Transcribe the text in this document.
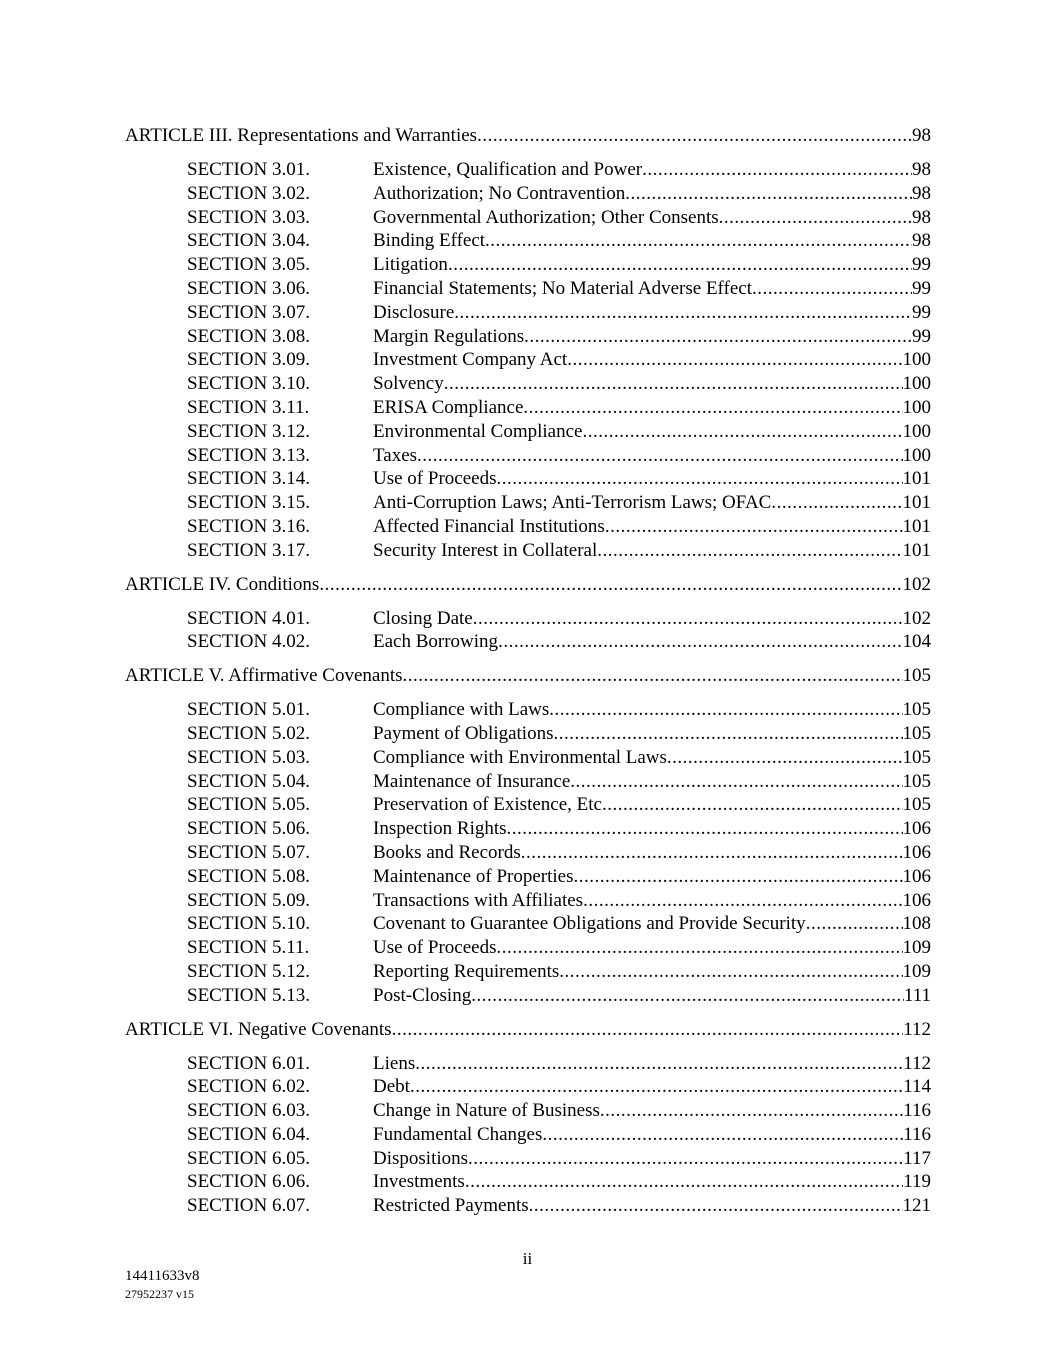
ARTICLE III. Representations and Warranties .....	98
SECTION 3.01.	Existence, Qualification and Power .....	98
SECTION 3.02.	Authorization; No Contravention .....	98
SECTION 3.03.	Governmental Authorization; Other Consents .....	98
SECTION 3.04.	Binding Effect .....	98
SECTION 3.05.	Litigation .....	99
SECTION 3.06.	Financial Statements; No Material Adverse Effect .....	99
SECTION 3.07.	Disclosure .....	99
SECTION 3.08.	Margin Regulations .....	99
SECTION 3.09.	Investment Company Act .....	100
SECTION 3.10.	Solvency .....	100
SECTION 3.11.	ERISA Compliance .....	100
SECTION 3.12.	Environmental Compliance .....	100
SECTION 3.13.	Taxes .....	100
SECTION 3.14.	Use of Proceeds .....	101
SECTION 3.15.	Anti-Corruption Laws; Anti-Terrorism Laws; OFAC .....	101
SECTION 3.16.	Affected Financial Institutions .....	101
SECTION 3.17.	Security Interest in Collateral .....	101
ARTICLE IV. Conditions .....	102
SECTION 4.01.	Closing Date .....	102
SECTION 4.02.	Each Borrowing .....	104
ARTICLE V. Affirmative Covenants .....	105
SECTION 5.01.	Compliance with Laws .....	105
SECTION 5.02.	Payment of Obligations .....	105
SECTION 5.03.	Compliance with Environmental Laws .....	105
SECTION 5.04.	Maintenance of Insurance .....	105
SECTION 5.05.	Preservation of Existence, Etc .....	105
SECTION 5.06.	Inspection Rights .....	106
SECTION 5.07.	Books and Records .....	106
SECTION 5.08.	Maintenance of Properties .....	106
SECTION 5.09.	Transactions with Affiliates .....	106
SECTION 5.10.	Covenant to Guarantee Obligations and Provide Security .....	108
SECTION 5.11.	Use of Proceeds .....	109
SECTION 5.12.	Reporting Requirements .....	109
SECTION 5.13.	Post-Closing .....	111
ARTICLE VI. Negative Covenants .....	112
SECTION 6.01.	Liens .....	112
SECTION 6.02.	Debt .....	114
SECTION 6.03.	Change in Nature of Business .....	116
SECTION 6.04.	Fundamental Changes .....	116
SECTION 6.05.	Dispositions .....	117
SECTION 6.06.	Investments .....	119
SECTION 6.07.	Restricted Payments .....	121
ii
14411633v8
27952237 v15
